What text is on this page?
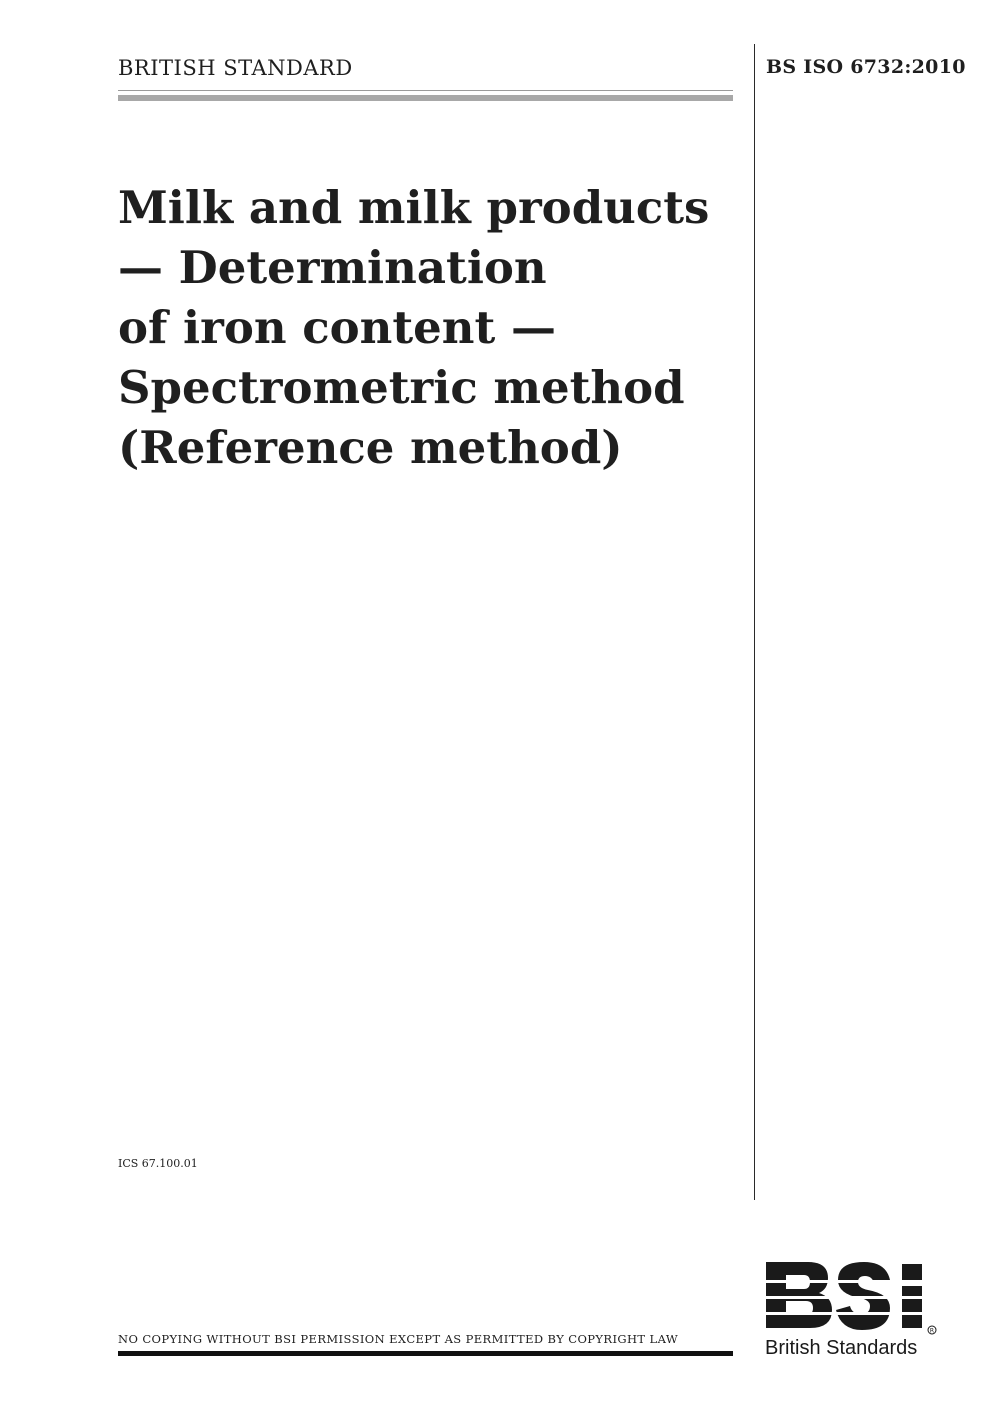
BRITISH STANDARD	BS ISO 6732:2010
Milk and milk products
— Determination
of iron content —
Spectrometric method
(Reference method)
ICS 67.100.01
NO COPYING WITHOUT BSI PERMISSION EXCEPT AS PERMITTED BY COPYRIGHT LAW
R
British Standards
